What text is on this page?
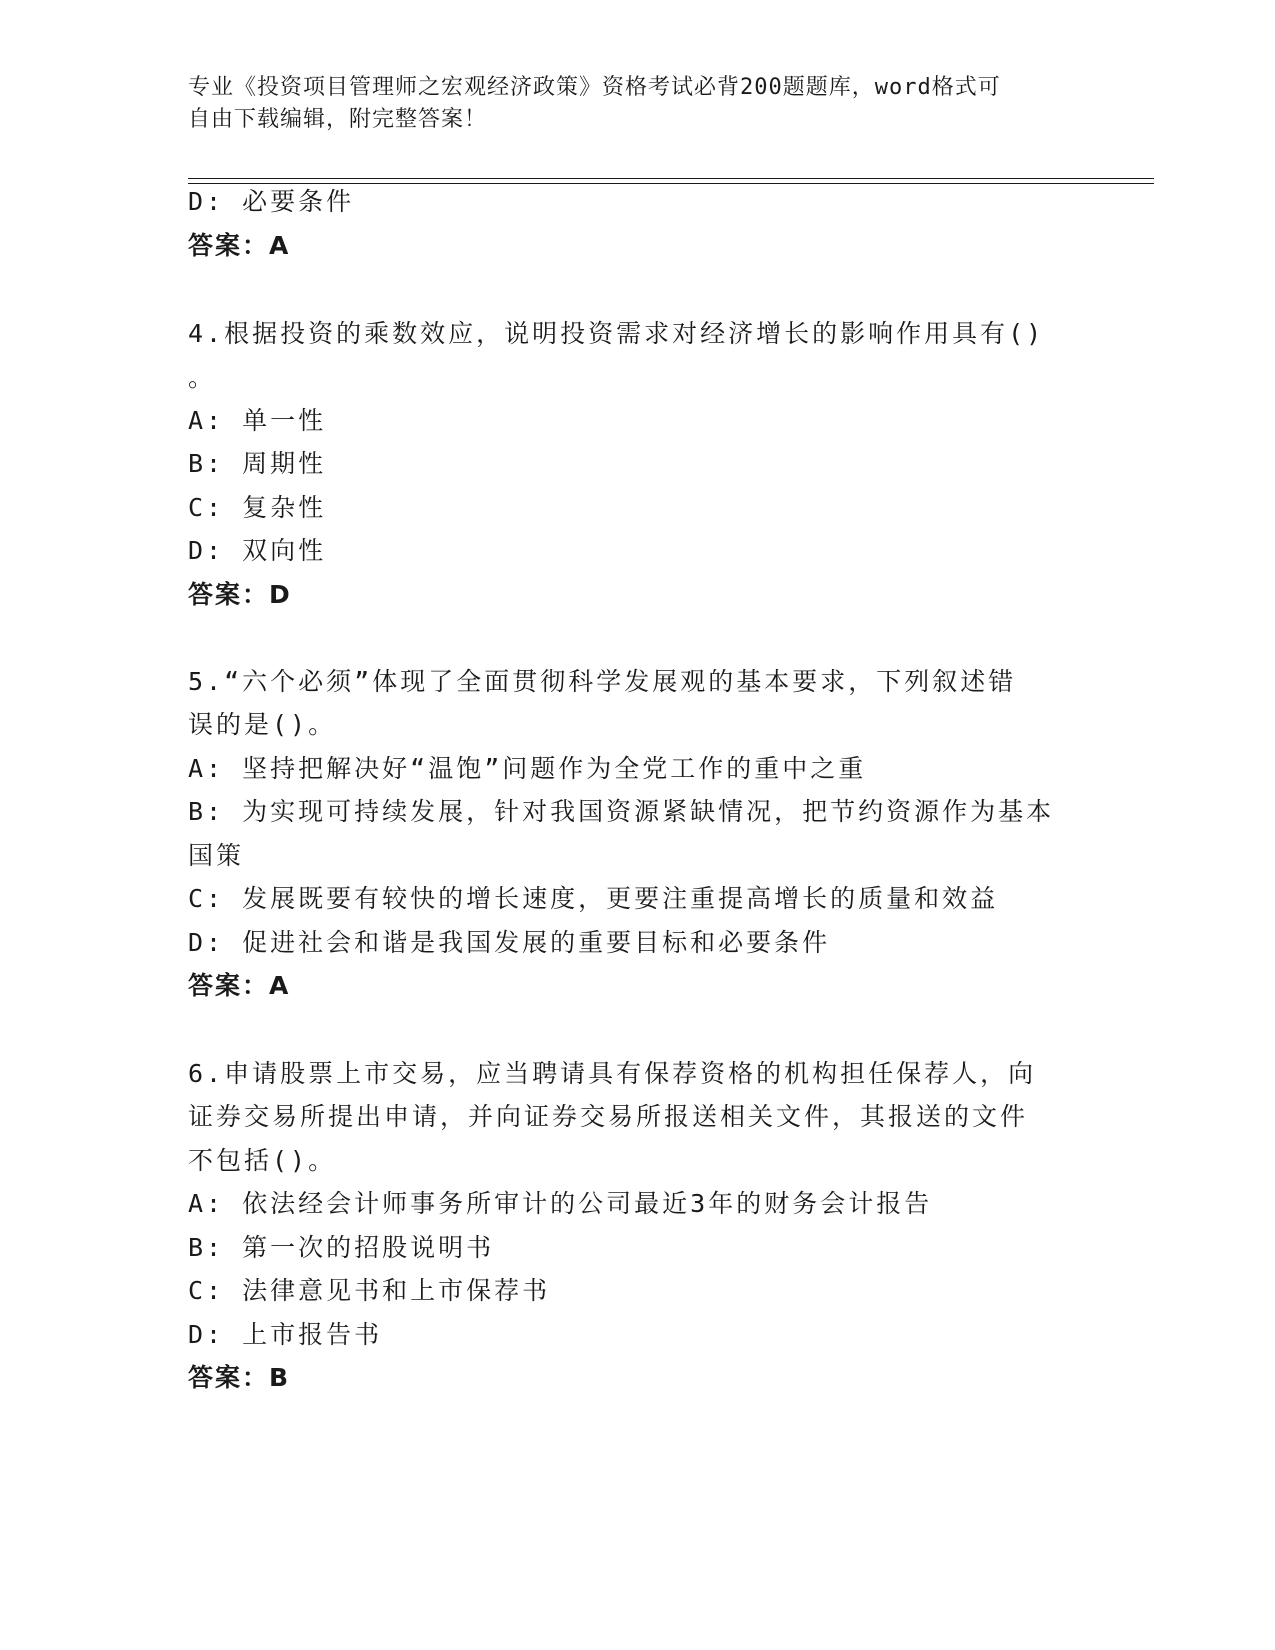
专业《投资项目管理师之宏观经济政策》资格考试必背200题题库，word格式可
自由下载编辑，附完整答案！
D: 必要条件
答案：A
4.根据投资的乘数效应，说明投资需求对经济增长的影响作用具有()
。
A: 单一性
B: 周期性
C: 复杂性
D: 双向性
答案：D
5.“六个必须”体现了全面贯彻科学发展观的基本要求，下列叙述错
误的是()。
A: 坚持把解决好“温饱”问题作为全党工作的重中之重
B: 为实现可持续发展，针对我国资源紧缺情况，把节约资源作为基本
国策
C: 发展既要有较快的增长速度，更要注重提高增长的质量和效益
D: 促进社会和谐是我国发展的重要目标和必要条件
答案：A
6.申请股票上市交易，应当聘请具有保荐资格的机构担任保荐人，向
证券交易所提出申请，并向证券交易所报送相关文件，其报送的文件
不包括()。
A: 依法经会计师事务所审计的公司最近3年的财务会计报告
B: 第一次的招股说明书
C: 法律意见书和上市保荐书
D: 上市报告书
答案：B
